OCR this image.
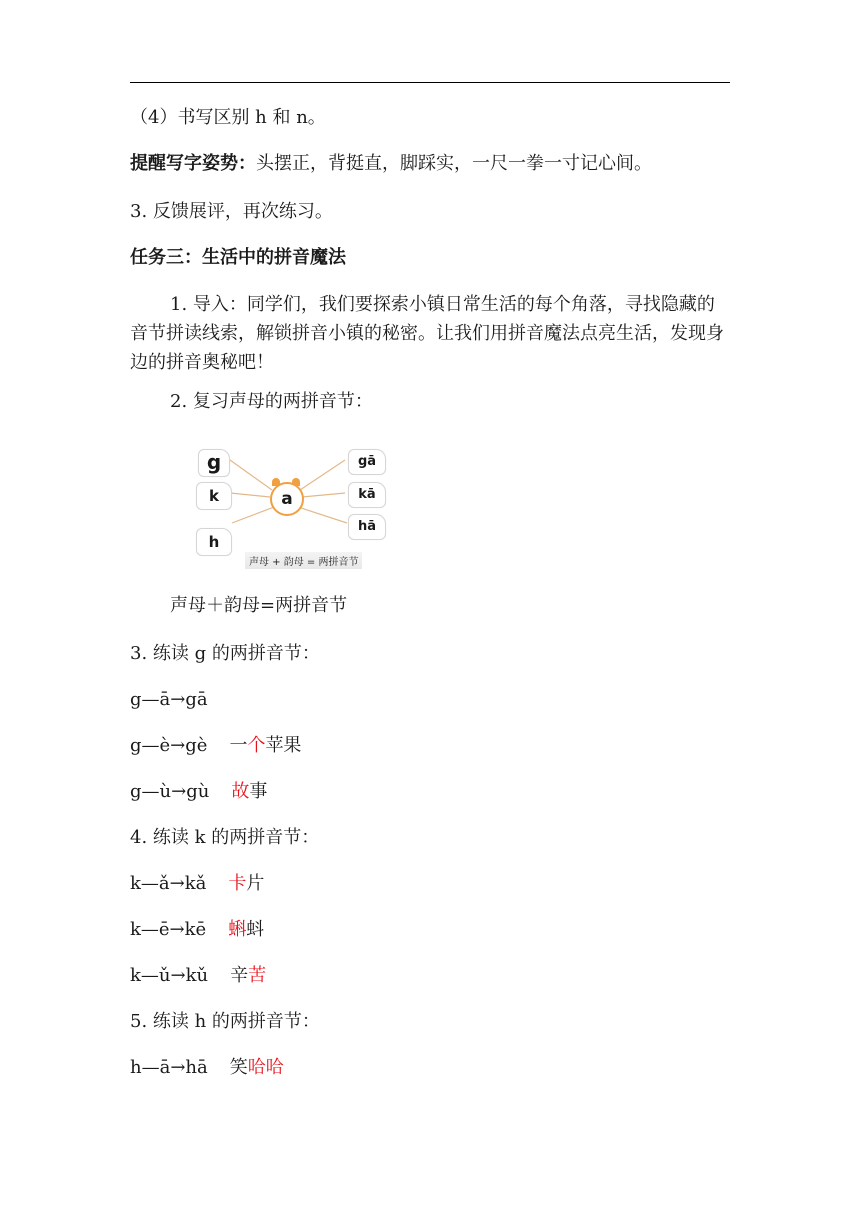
（4）书写区别 h 和 n。
提醒写字姿势：头摆正，背挺直，脚踩实，一尺一拳一寸记心间。
3. 反馈展评，再次练习。
任务三：生活中的拼音魔法
1. 导入：同学们，我们要探索小镇日常生活的每个角落，寻找隐藏的音节拼读线索，解锁拼音小镇的秘密。让我们用拼音魔法点亮生活，发现身边的拼音奥秘吧！
2. 复习声母的两拼音节：
g
k
h
a
gā
kā
hā
声母 + 韵母 = 两拼音节
声母＋韵母=两拼音节
3. 练读 g 的两拼音节：
g—ā→gā
g—è→gè 一个苹果
g—ù→gù 故事
4. 练读 k 的两拼音节：
k—ǎ→kǎ 卡片
k—ē→kē 蝌蚪
k—ǔ→kǔ 辛苦
5. 练读 h 的两拼音节：
h—ā→hā 笑哈哈
